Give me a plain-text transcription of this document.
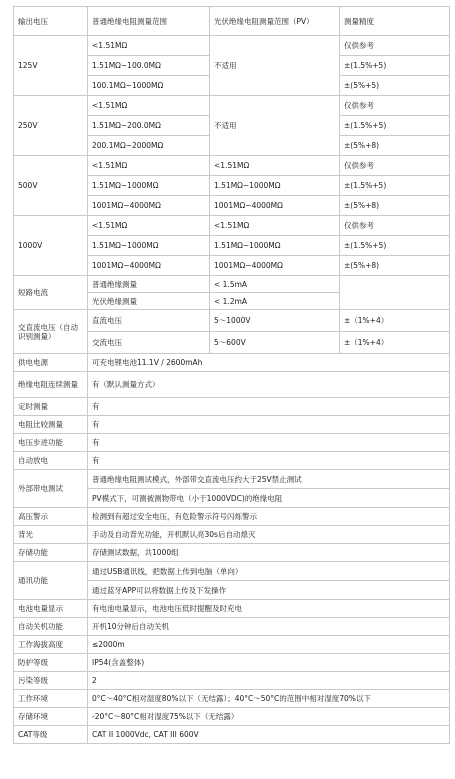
输出电压	普通绝缘电阻测量范围	光伏绝缘电阻测量范围（PV）	测量精度
125V	<1.51MΩ	不适用	仅供参考
	1.51MΩ~100.0MΩ		±(1.5%+5)
	100.1MΩ~1000MΩ		±(5%+5)
250V	<1.51MΩ	不适用	仅供参考
	1.51MΩ~200.0MΩ		±(1.5%+5)
	200.1MΩ~2000MΩ		±(5%+8)
500V	<1.51MΩ	<1.51MΩ	仅供参考
	1.51MΩ~1000MΩ	1.51MΩ~1000MΩ	±(1.5%+5)
	1001MΩ~4000MΩ	1001MΩ~4000MΩ	±(5%+8)
1000V	<1.51MΩ	<1.51MΩ	仅供参考
	1.51MΩ~1000MΩ	1.51MΩ~1000MΩ	±(1.5%+5)
	1001MΩ~4000MΩ	1001MΩ~4000MΩ	±(5%+8)
短路电流	普通绝缘测量	< 1.5mA	
	光伏绝缘测量	< 1.2mA	
交直流电压（自动识别测量）	直流电压	5～1000V	±（1%+4）
	交流电压	5～600V	±（1%+4）
供电电源	可充电锂电池11.1V / 2600mAh		
绝缘电阻连续测量	有（默认测量方式）		
定时测量	有		
电阻比较测量	有		
电压步进功能	有		
自动放电	有		
外部带电测试	普通绝缘电阻测试模式，外部带交直流电压约大于25V禁止测试		
	PV模式下，可测被测物带电（小于1000VDC)的绝缘电阻		
高压警示	检测到有超过安全电压，有危险警示符号闪烁警示		
背光	手动及自动背光功能，开机默认亮30s后自动熄灭		
存储功能	存储测试数据，共1000组		
通讯功能	通过USB通讯线，把数据上传到电脑（单向）		
	通过蓝牙APP可以将数据上传及下发操作		
电池电量显示	有电池电量显示，电池电压低时提醒及时充电		
自动关机功能	开机10分钟后自动关机		
工作海拔高度	≤2000m		
防护等级	IP54(含盖整体)		
污染等级	2		
工作环境	0°C～40°C相对湿度80%以下（无结露）；40°C～50°C的范围中相对湿度70%以下		
存储环境	-20°C～80°C相对湿度75%以下（无结露）		
CAT等级	CAT II 1000Vdc, CAT III 600V		
